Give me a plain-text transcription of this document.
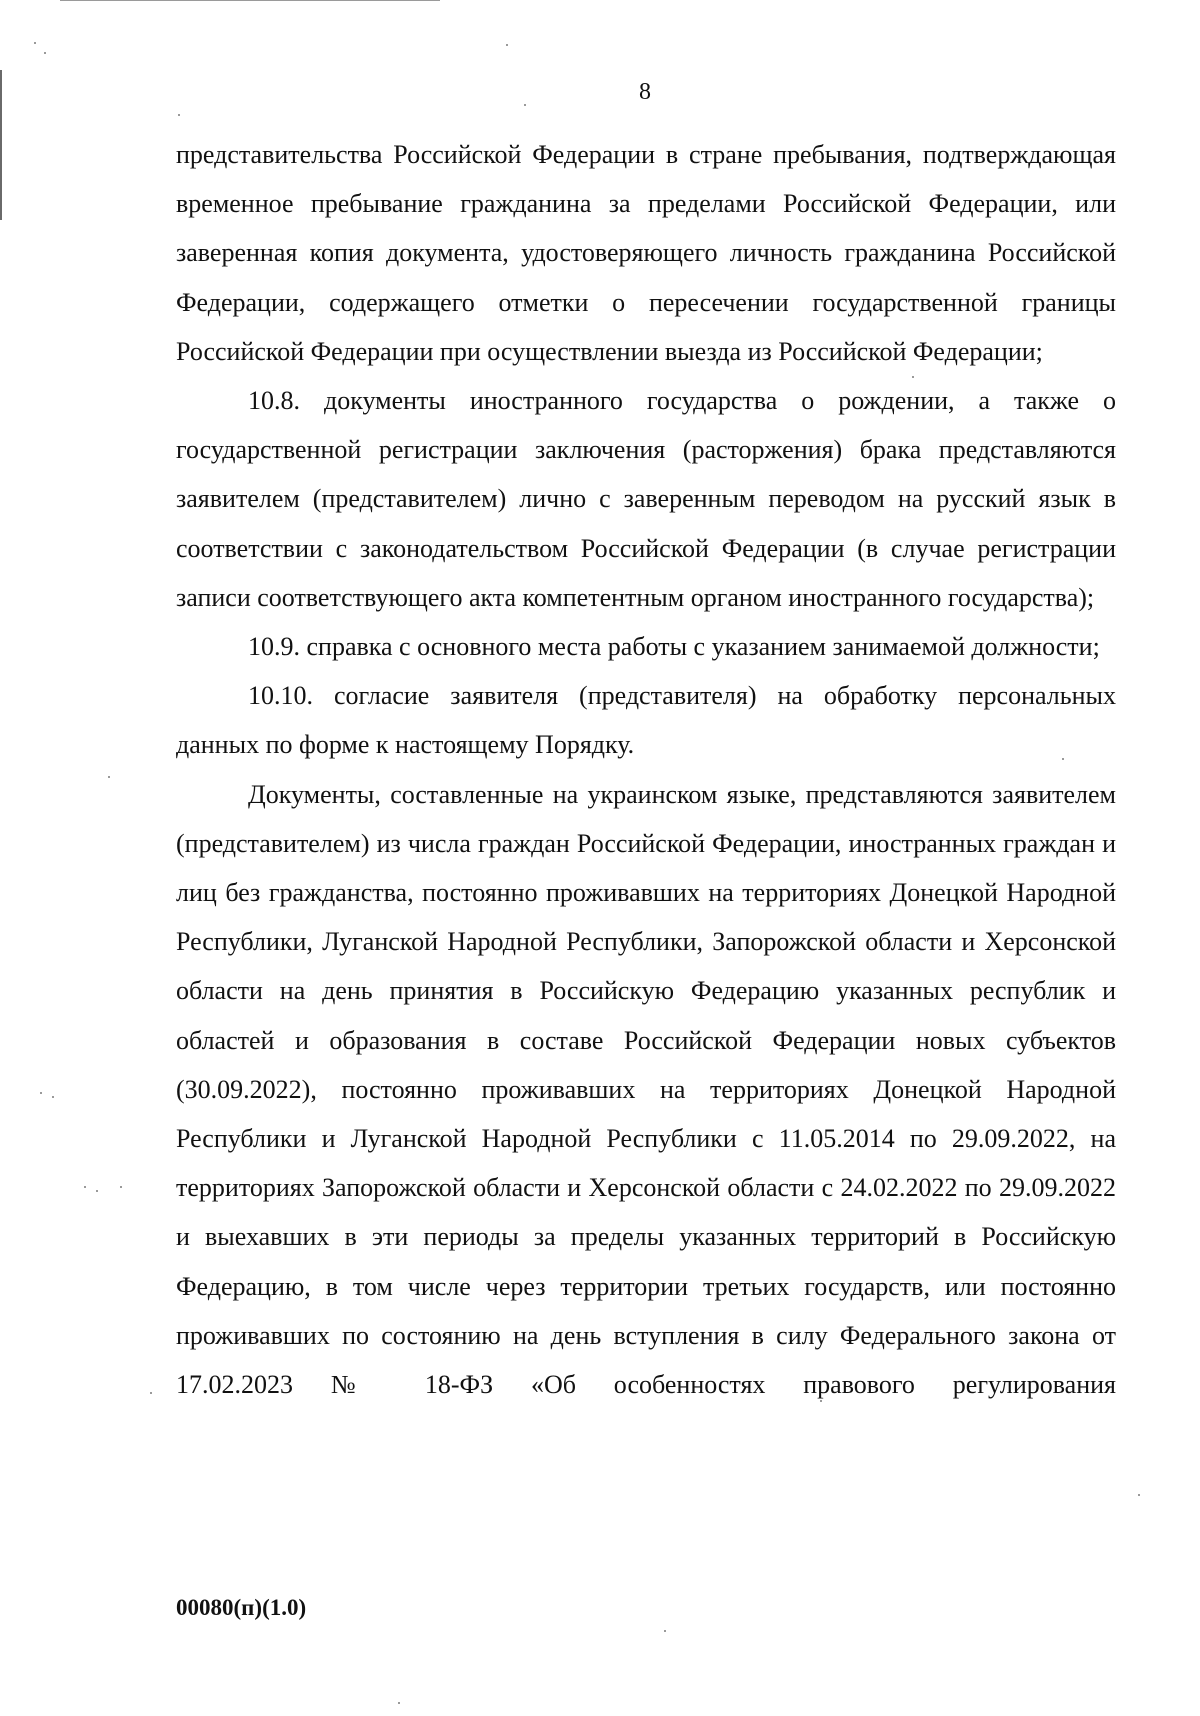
8

представительства Российской Федерации в стране пребывания, подтверждающая временное пребывание гражданина за пределами Российской Федерации, или заверенная копия документа, удостоверяющего личность гражданина Российской Федерации, содержащего отметки о пересечении государственной границы Российской Федерации при осуществлении выезда из Российской Федерации;

10.8. документы иностранного государства о рождении, а также о государственной регистрации заключения (расторжения) брака представляются заявителем (представителем) лично с заверенным переводом на русский язык в соответствии с законодательством Российской Федерации (в случае регистрации записи соответствующего акта компетентным органом иностранного государства);

10.9. справка с основного места работы с указанием занимаемой должности;

10.10. согласие заявителя (представителя) на обработку персональных данных по форме к настоящему Порядку.

Документы, составленные на украинском языке, представляются заявителем (представителем) из числа граждан Российской Федерации, иностранных граждан и лиц без гражданства, постоянно проживавших на территориях Донецкой Народной Республики, Луганской Народной Республики, Запорожской области и Херсонской области на день принятия в Российскую Федерацию указанных республик и областей и образования в составе Российской Федерации новых субъектов (30.09.2022), постоянно проживавших на территориях Донецкой Народной Республики и Луганской Народной Республики с 11.05.2014 по 29.09.2022, на территориях Запорожской области и Херсонской области с 24.02.2022 по 29.09.2022 и выехавших в эти периоды за пределы указанных территорий в Российскую Федерацию, в том числе через территории третьих государств, или постоянно проживавших по состоянию на день вступления в силу Федерального закона от 17.02.2023 № 18-ФЗ «Об особенностях правового регулирования

00080(п)(1.0)
